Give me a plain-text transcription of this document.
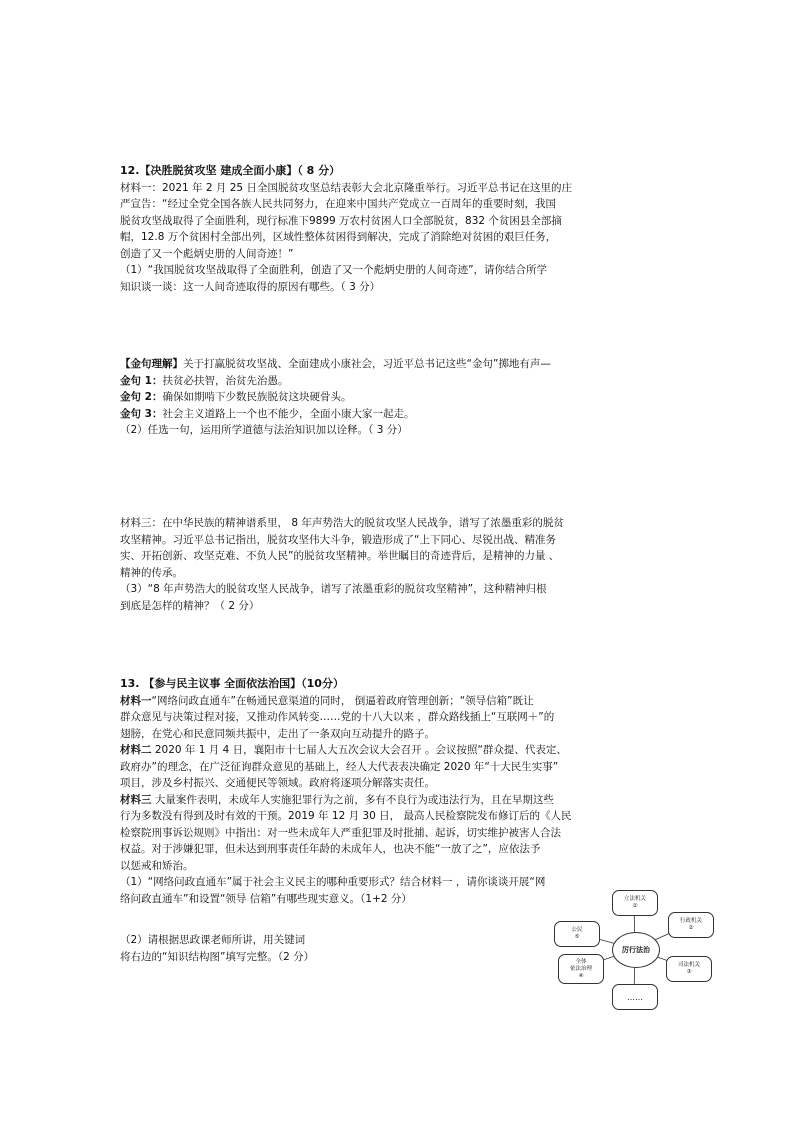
12.【决胜脱贫攻坚 建成全面小康】（ 8 分）

材料一：2021 年 2 月 25 日全国脱贫攻坚总结表彰大会北京隆重举行。习近平总书记在这里的庄

严宣告：“经过全党全国各族人民共同努力，在迎来中国共产党成立一百周年的重要时刻，我国

脱贫攻坚战取得了全面胜利，现行标准下9899 万农村贫困人口全部脱贫，832 个贫困县全部摘

帽，12.8 万个贫困村全部出列，区域性整体贫困得到解决，完成了消除绝对贫困的艰巨任务，

创造了又一个彪炳史册的人间奇迹！”

（1）“我国脱贫攻坚战取得了全面胜利，创造了又一个彪炳史册的人间奇迹”，请你结合所学

知识谈一谈：这一人间奇迹取得的原因有哪些。（ 3 分）

【金句理解】关于打赢脱贫攻坚战、全面建成小康社会，习近平总书记这些“金句”掷地有声—

金句 1：扶贫必扶智，治贫先治愚。

金句 2：确保如期啃下少数民族脱贫这块硬骨头。

金句 3：社会主义道路上一个也不能少，全面小康大家一起走。

（2）任选一句，运用所学道德与法治知识加以诠释。（ 3 分）

材料三：在中华民族的精神谱系里， 8 年声势浩大的脱贫攻坚人民战争，谱写了浓墨重彩的脱贫

攻坚精神。习近平总书记指出，脱贫攻坚伟大斗争，锻造形成了“上下同心、尽锐出战、精准务

实、开拓创新、攻坚克难、不负人民”的脱贫攻坚精神。举世瞩目的奇迹背后，是精神的力量 、

精神的传承。

（3）“8 年声势浩大的脱贫攻坚人民战争，谱写了浓墨重彩的脱贫攻坚精神”，这种精神归根

到底是怎样的精神？（ 2 分）

13. 【参与民主议事 全面依法治国】（10分）

材料一“网络问政直通车”在畅通民意渠道的同时， 倒逼着政府管理创新；“领导信箱”既让

群众意见与决策过程对接，又推动作风转变……党的十八大以来 ，群众路线插上“互联网＋”的

翅膀，在党心和民意同频共振中，走出了一条双向互动提升的路子。

材料二 2020 年 1 月 4 日，襄阳市十七届人大五次会议大会召开 。会议按照“群众提、代表定、

政府办”的理念，在广泛征询群众意见的基础上，经人大代表表决确定 2020 年“十大民生实事”

项目，涉及乡村振兴、交通便民等领域。政府将逐项分解落实责任。

材料三 大量案件表明，未成年人实施犯罪行为之前，多有不良行为或违法行为，且在早期这些

行为多数没有得到及时有效的干预。2019 年 12 月 30 日， 最高人民检察院发布修订后的《人民

检察院刑事诉讼规则》中指出：对一些未成年人严重犯罪及时批捕、起诉，切实维护被害人合法

权益。对于涉嫌犯罪，但未达到刑事责任年龄的未成年人，也决不能“一放了之”，应依法予

以惩戒和矫治。

（1）“网络问政直通车”属于社会主义民主的哪种重要形式？结合材料一 ，请你谈谈开展“网

络问政直通车”和设置“领导 信箱”有哪些现实意义。（1+2 分）

（2）请根据思政课老师所讲，用关键词

将右边的“知识结构图”填写完整。（2 分）

立法机关
①
公民
⑤
行政机关
②
全体
依法治理
④
司法机关
③
……
厉行法治
